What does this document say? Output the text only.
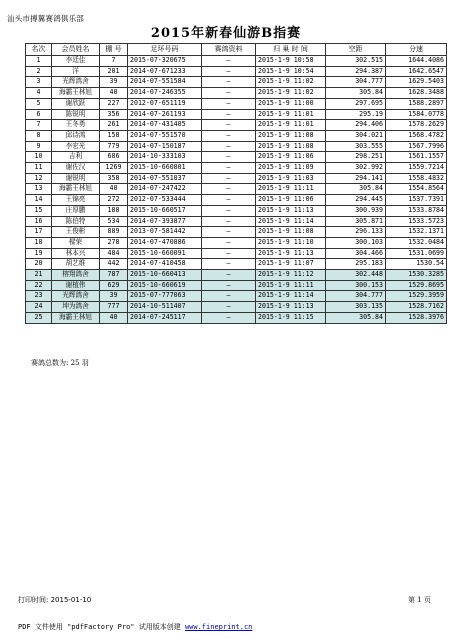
汕头市搏翼赛鸽俱乐部
2015年新春仙游B指赛
名次	会员姓名	棚 号	足环号码	赛鸽资料	归 巢 时 间	空距	分速
1	李廷佳	7	2015-07-320675	—	2015-1-9 10:58	302.515	1644.4086
2	洋	201	2014-07-671233	—	2015-1-9 10:54	294.387	1642.6547
3	光辉鸽舍	39	2014-07-551584	—	2015-1-9 11:02	304.777	1629.5403
4	海霸王林旭	40	2014-07-246355	—	2015-1-9 11:02	305.84	1628.3488
5	谢欣跃	227	2012-07-651119	—	2015-1-9 11:00	297.695	1588.2897
6	陈锐明	356	2014-07-261193	—	2015-1-9 11:01	295.19	1584.0778
7	王冬勇	261	2014-07-431405	—	2015-1-9 11:01	294.406	1578.2629
8	邱诗鸿	158	2014-07-551570	—	2015-1-9 11:08	304.021	1568.4782
9	李宏光	779	2014-07-150187	—	2015-1-9 11:08	303.555	1567.7996
10	吉利	686	2014-10-333103	—	2015-1-9 11:06	298.251	1561.1557
11	谢佐汉	1269	2015-10-660801	—	2015-1-9 11:09	302.992	1559.7214
12	谢锐明	358	2014-07-551037	—	2015-1-9 11:03	294.141	1558.4832
13	海霸王林旭	40	2014-07-247422	—	2015-1-9 11:11	305.84	1554.8564
14	王锦亮	272	2012-07-533444	—	2015-1-9 11:06	294.445	1537.7391
15	庄厚鹏	188	2015-10-660517	—	2015-1-9 11:13	300.939	1533.8784
16	陈伯特	534	2014-07-393877	—	2015-1-9 11:14	305.871	1533.5723
17	王俊彬	889	2013-07-581442	—	2015-1-9 11:08	296.133	1532.1371
18	樑荣	278	2014-07-470886	—	2015-1-9 11:10	300.103	1532.0484
19	林本兴	484	2015-10-660091	—	2015-1-9 11:13	304.466	1531.0699
20	胡艺维	442	2014-07-410458	—	2015-1-9 11:07	295.183	1530.54
21	榕翔鸽舍	787	2015-10-660413	—	2015-1-9 11:12	302.448	1530.3285
22	谢植伟	629	2015-10-660619	—	2015-1-9 11:11	300.153	1529.8695
23	光辉鸽舍	39	2015-07-777063	—	2015-1-9 11:14	304.777	1529.3959
24	坤为鸽舍	777	2014-10-511407	—	2015-1-9 11:13	303.135	1528.7162
25	海霸王林旭	40	2014-07-245117	—	2015-1-9 11:15	305.84	1528.3976
赛鸽总数为: 25 羽
打印时间: 2015-01-10	第 1 页
PDF 文件使用 "pdfFactory Pro" 试用版本创建 www.fineprint.cn
